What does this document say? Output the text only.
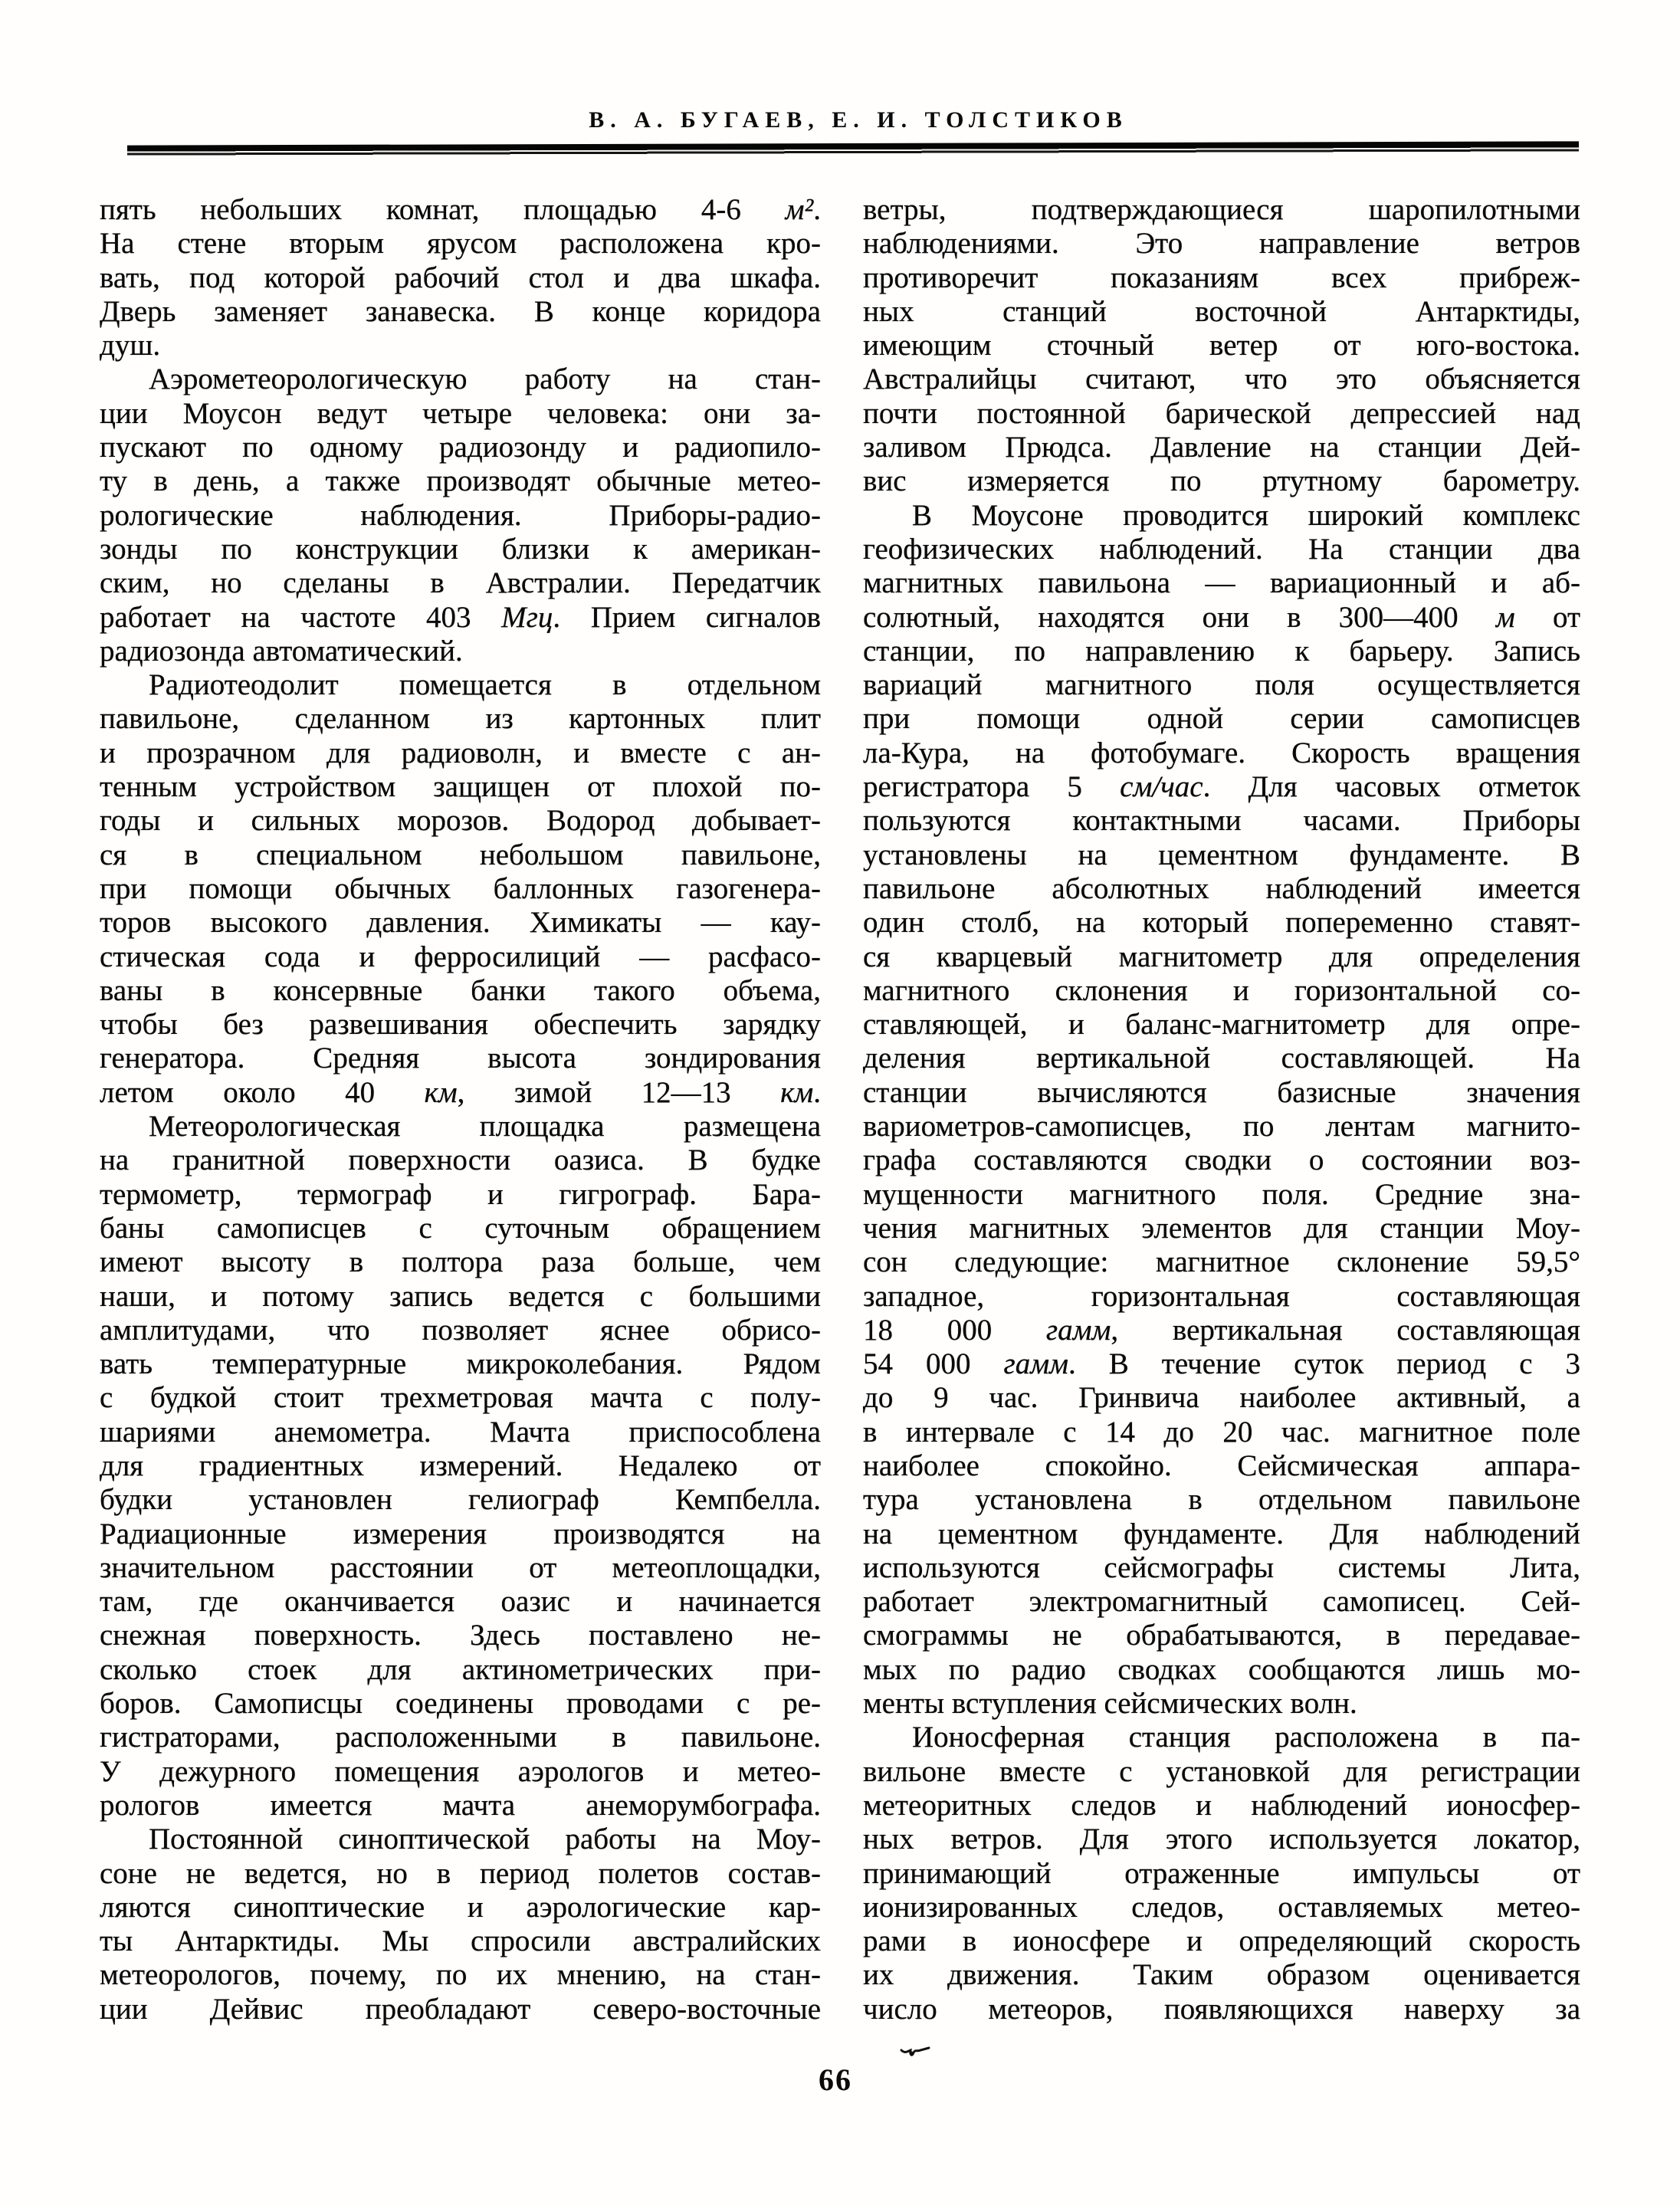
В. А. БУГАЕВ, Е. И. ТОЛСТИКОВ
пять небольших комнат, площадью 4-6 м².
На стене вторым ярусом расположена кро-
вать, под которой рабочий стол и два шкафа.
Дверь заменяет занавеска. В конце коридора
душ.
Аэрометеорологическую работу на стан-
ции Моусон ведут четыре человека: они за-
пускают по одному радиозонду и радиопило-
ту в день, а также производят обычные метео-
рологические наблюдения. Приборы-радио-
зонды по конструкции близки к американ-
ским, но сделаны в Австралии. Передатчик
работает на частоте 403 Мгц. Прием сигналов
радиозонда автоматический.
Радиотеодолит помещается в отдельном
павильоне, сделанном из картонных плит
и прозрачном для радиоволн, и вместе с ан-
тенным устройством защищен от плохой по-
годы и сильных морозов. Водород добывает-
ся в специальном небольшом павильоне,
при помощи обычных баллонных газогенера-
торов высокого давления. Химикаты — кау-
стическая сода и ферросилиций — расфасо-
ваны в консервные банки такого объема,
чтобы без развешивания обеспечить зарядку
генератора. Средняя высота зондирования
летом около 40 км, зимой 12—13 км.
Метеорологическая площадка размещена
на гранитной поверхности оазиса. В будке
термометр, термограф и гигрограф. Бара-
баны самописцев с суточным обращением
имеют высоту в полтора раза больше, чем
наши, и потому запись ведется с большими
амплитудами, что позволяет яснее обрисо-
вать температурные микроколебания. Рядом
с будкой стоит трехметровая мачта с полу-
шариями анемометра. Мачта приспособлена
для градиентных измерений. Недалеко от
будки установлен гелиограф Кемпбелла.
Радиационные измерения производятся на
значительном расстоянии от метеоплощадки,
там, где оканчивается оазис и начинается
снежная поверхность. Здесь поставлено не-
сколько стоек для актинометрических при-
боров. Самописцы соединены проводами с ре-
гистраторами, расположенными в павильоне.
У дежурного помещения аэрологов и метео-
рологов имеется мачта анеморумбографа.
Постоянной синоптической работы на Моу-
соне не ведется, но в период полетов состав-
ляются синоптические и аэрологические кар-
ты Антарктиды. Мы спросили австралийских
метеорологов, почему, по их мнению, на стан-
ции Дейвис преобладают северо-восточные
ветры, подтверждающиеся шаропилотными
наблюдениями. Это направление ветров
противоречит показаниям всех прибреж-
ных станций восточной Антарктиды,
имеющим сточный ветер от юго-востока.
Австралийцы считают, что это объясняется
почти постоянной барической депрессией над
заливом Прюдса. Давление на станции Дей-
вис измеряется по ртутному барометру.
В Моусоне проводится широкий комплекс
геофизических наблюдений. На станции два
магнитных павильона — вариационный и аб-
солютный, находятся они в 300—400 м от
станции, по направлению к барьеру. Запись
вариаций магнитного поля осуществляется
при помощи одной серии самописцев
ла-Кура, на фотобумаге. Скорость вращения
регистратора 5 см/час. Для часовых отметок
пользуются контактными часами. Приборы
установлены на цементном фундаменте. В
павильоне абсолютных наблюдений имеется
один столб, на который попеременно ставят-
ся кварцевый магнитометр для определения
магнитного склонения и горизонтальной со-
ставляющей, и баланс-магнитометр для опре-
деления вертикальной составляющей. На
станции вычисляются базисные значения
вариометров-самописцев, по лентам магнито-
графа составляются сводки о состоянии воз-
мущенности магнитного поля. Средние зна-
чения магнитных элементов для станции Моу-
сон следующие: магнитное склонение 59,5°
западное, горизонтальная составляющая
18 000 гамм, вертикальная составляющая
54 000 гамм. В течение суток период с 3
до 9 час. Гринвича наиболее активный, а
в интервале с 14 до 20 час. магнитное поле
наиболее спокойно. Сейсмическая аппара-
тура установлена в отдельном павильоне
на цементном фундаменте. Для наблюдений
используются сейсмографы системы Лита,
работает электромагнитный самописец. Сей-
смограммы не обрабатываются, в передавае-
мых по радио сводках сообщаются лишь мо-
менты вступления сейсмических волн.
Ионосферная станция расположена в па-
вильоне вместе с установкой для регистрации
метеоритных следов и наблюдений ионосфер-
ных ветров. Для этого используется локатор,
принимающий отраженные импульсы от
ионизированных следов, оставляемых метео-
рами в ионосфере и определяющий скорость
их движения. Таким образом оценивается
число метеоров, появляющихся наверху за
66
